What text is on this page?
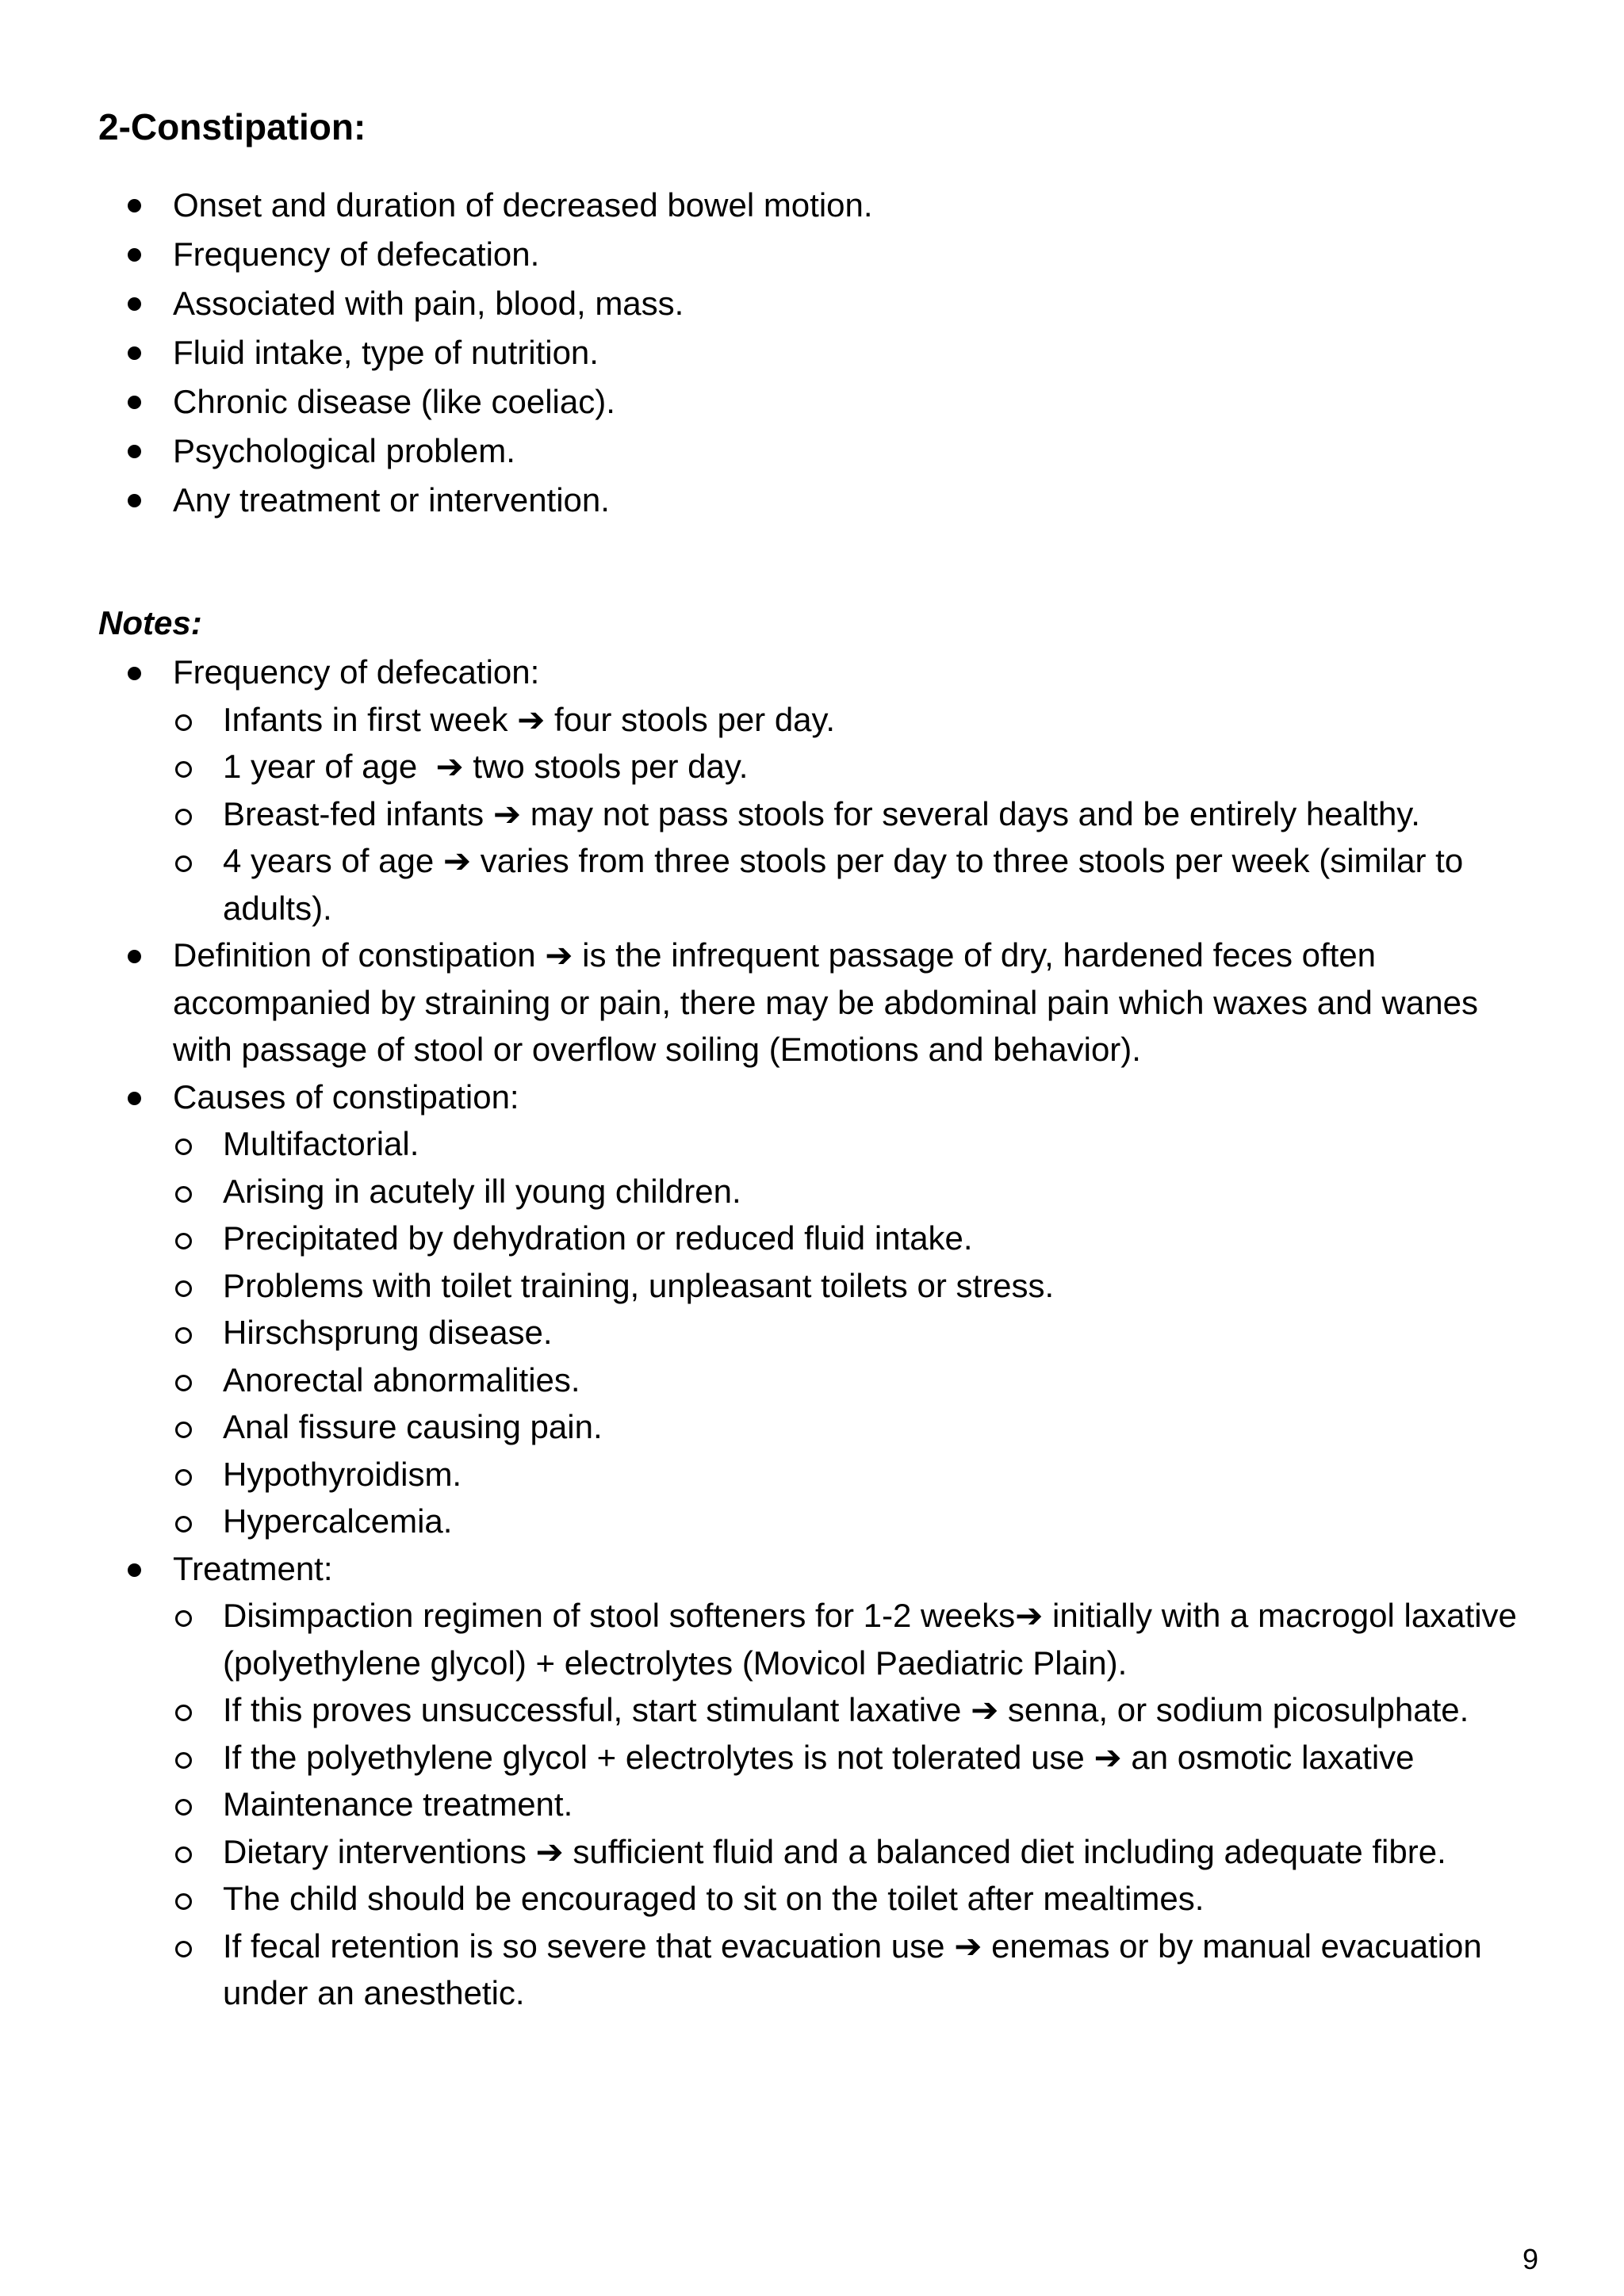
2-Constipation:
Onset and duration of decreased bowel motion.
Frequency of defecation.
Associated with pain, blood, mass.
Fluid intake, type of nutrition.
Chronic disease (like coeliac).
Psychological problem.
Any treatment or intervention.

Notes:

Frequency of defecation:
Infants in first week ➔ four stools per day.
1 year of age  ➔ two stools per day.
Breast-fed infants ➔ may not pass stools for several days and be entirely healthy.
4 years of age ➔ varies from three stools per day to three stools per week (similar to adults).
Definition of constipation ➔ is the infrequent passage of dry, hardened feces often accompanied by straining or pain, there may be abdominal pain which waxes and wanes with passage of stool or overflow soiling (Emotions and behavior).
Causes of constipation:
Multifactorial.
Arising in acutely ill young children.
Precipitated by dehydration or reduced fluid intake.
Problems with toilet training, unpleasant toilets or stress.
Hirschsprung disease.
Anorectal abnormalities.
Anal fissure causing pain.
Hypothyroidism.
Hypercalcemia.
Treatment:
Disimpaction regimen of stool softeners for 1-2 weeks➔ initially with a macrogol laxative (polyethylene glycol) + electrolytes (Movicol Paediatric Plain).
If this proves unsuccessful, start stimulant laxative ➔ senna, or sodium picosulphate.
If the polyethylene glycol + electrolytes is not tolerated use ➔ an osmotic laxative
Maintenance treatment.
Dietary interventions ➔ sufficient fluid and a balanced diet including adequate fibre.
The child should be encouraged to sit on the toilet after mealtimes.
If fecal retention is so severe that evacuation use ➔ enemas or by manual evacuation under an anesthetic.
9
